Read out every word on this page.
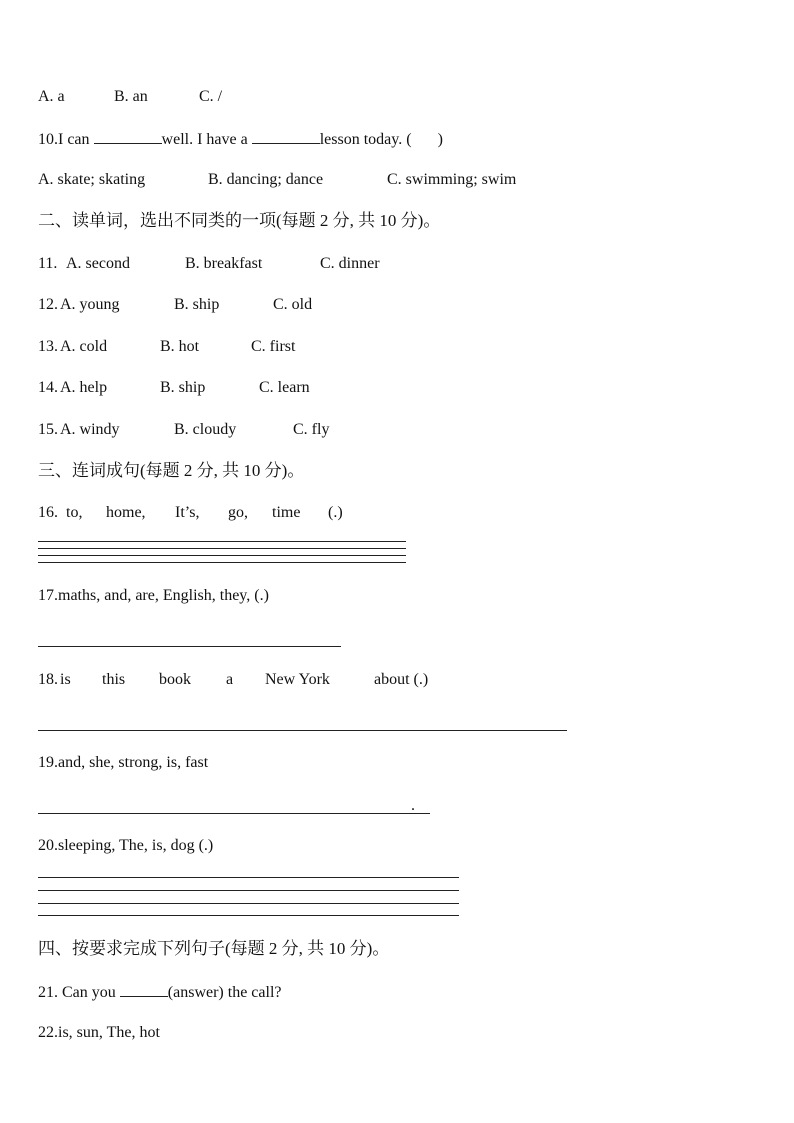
A. a	B. an	C. /
10.I can	well. I have a	lesson today. ( )
A. skate; skating	B. dancing; dance	C. swimming; swim
二、读单词，选出不同类的一项(每题 2 分, 共 10 分)。
11. A. second	B. breakfast	C. dinner
12. A. young	B. ship	C. old
13. A. cold	B. hot	C. first
14. A. help	B. ship	C. learn
15. A. windy	B. cloudy	C. fly
三、连词成句(每题 2 分, 共 10 分)。
16. to, home, It’s, go, time (.)
17.maths, and, are, English, they, (.)
18. is this book a New York	about (.)
19.and, she, strong, is, fast
.
20.sleeping, The, is, dog (.)
四、按要求完成下列句子(每题 2 分, 共 10 分)。
21. Can you	(answer) the call?
22.is, sun, The, hot
